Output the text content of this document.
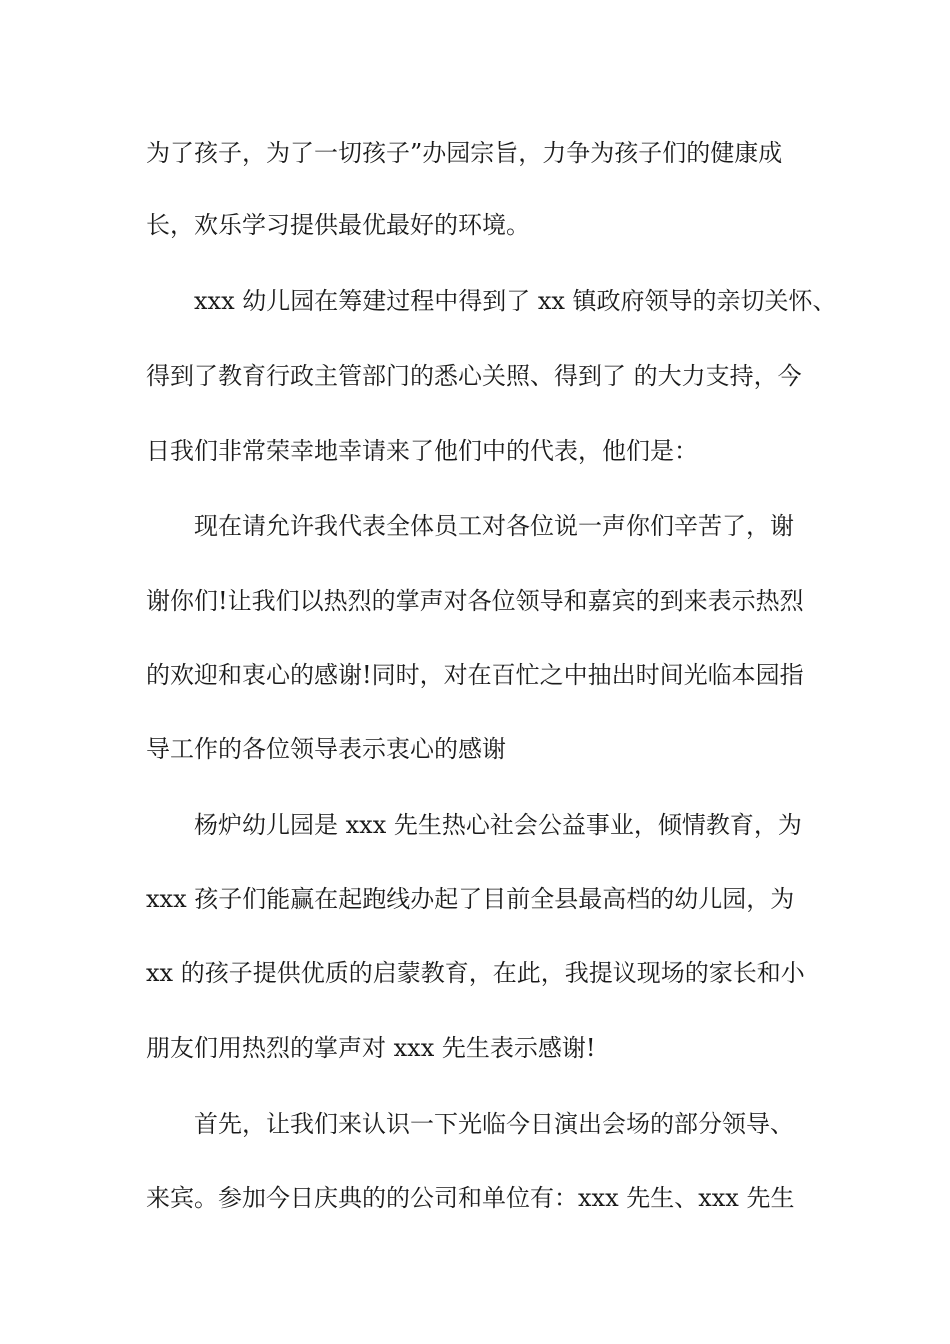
为了孩子，为了一切孩子”办园宗旨，力争为孩子们的健康成
长，欢乐学习提供最优最好的环境。
xxx 幼儿园在筹建过程中得到了 xx 镇政府领导的亲切关怀、
得到了教育行政主管部门的悉心关照、得到了 的大力支持，今
日我们非常荣幸地幸请来了他们中的代表，他们是：
现在请允许我代表全体员工对各位说一声你们辛苦了，谢
谢你们!让我们以热烈的掌声对各位领导和嘉宾的到来表示热烈
的欢迎和衷心的感谢!同时，对在百忙之中抽出时间光临本园指
导工作的各位领导表示衷心的感谢
杨炉幼儿园是 xxx 先生热心社会公益事业，倾情教育，为
xxx 孩子们能赢在起跑线办起了目前全县最高档的幼儿园，为
xx 的孩子提供优质的启蒙教育，在此，我提议现场的家长和小
朋友们用热烈的掌声对 xxx 先生表示感谢!
首先，让我们来认识一下光临今日演出会场的部分领导、
来宾。参加今日庆典的的公司和单位有：xxx 先生、xxx 先生
